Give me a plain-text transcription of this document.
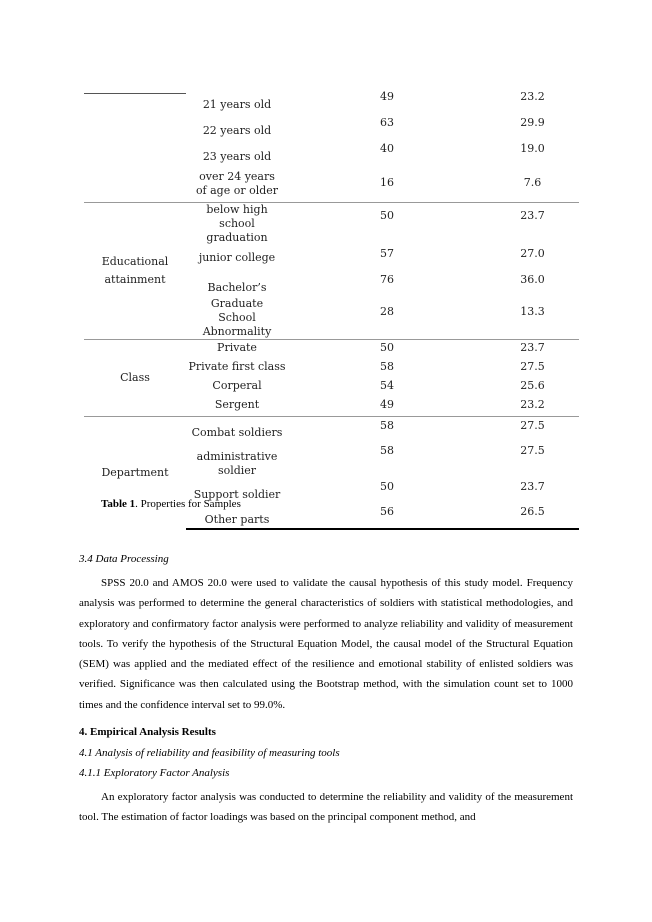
	21 years old	49	23.2
	22 years old	63	29.9
	23 years old	40	19.0
	over 24 years of age or older	16	7.6
Educational attainment	below high school graduation	50	23.7
	junior college	57	27.0
	Bachelor’s	76	36.0
	Graduate School Abnormality	28	13.3
Class	Private	50	23.7
	Private first class	58	27.5
	Corperal	54	25.6
	Sergent	49	23.2
Department	Combat soldiers	58	27.5
	administrative soldier	58	27.5
	Support soldier	50	23.7
	Other parts	56	26.5
Table 1. Properties for Samples
3.4 Data Processing
SPSS 20.0 and AMOS 20.0 were used to validate the causal hypothesis of this study model. Frequency analysis was performed to determine the general characteristics of soldiers with statistical methodologies, and exploratory and confirmatory factor analysis were performed to analyze reliability and validity of measurement tools. To verify the hypothesis of the Structural Equation Model, the causal model of the Structural Equation (SEM) was applied and the mediated effect of the resilience and emotional stability of enlisted soldiers was verified. Significance was then calculated using the Bootstrap method, with the simulation count set to 1000 times and the confidence interval set to 99.0%.
4. Empirical Analysis Results
4.1 Analysis of reliability and feasibility of measuring tools
4.1.1 Exploratory Factor Analysis
An exploratory factor analysis was conducted to determine the reliability and validity of the measurement tool. The estimation of factor loadings was based on the principal component method, and
